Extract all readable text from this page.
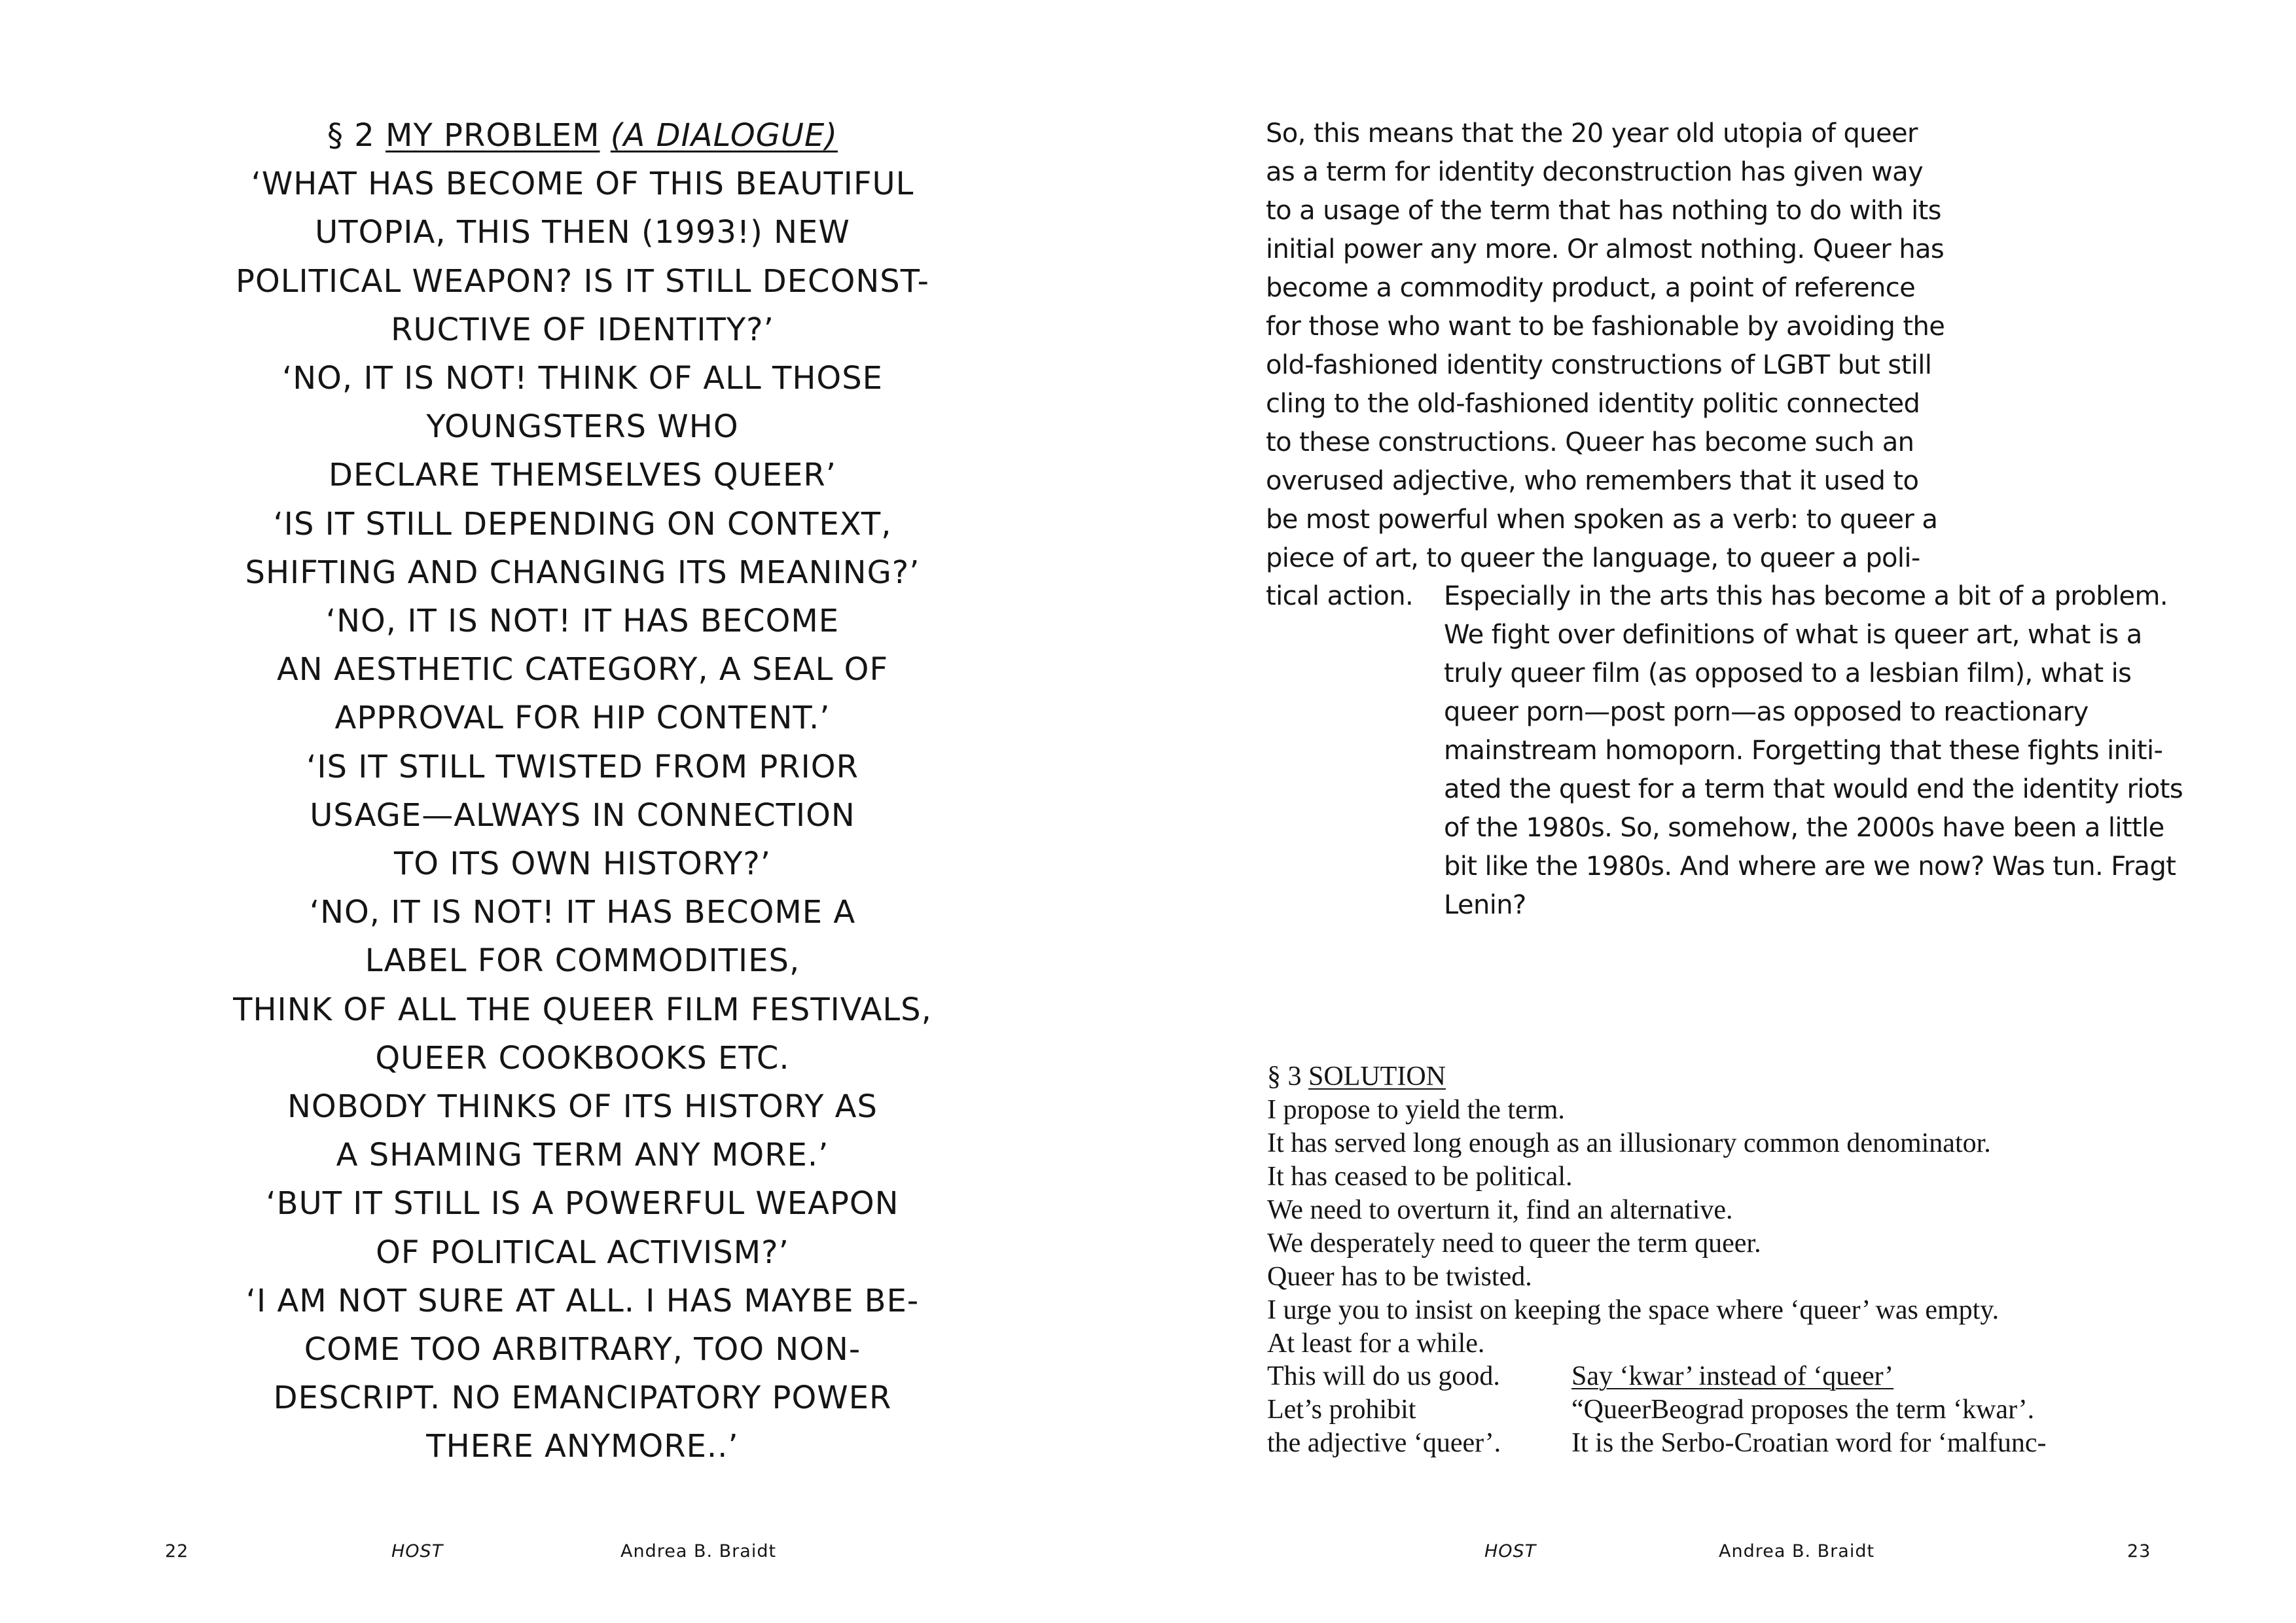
§ 2 MY PROBLEM (A DIALOGUE)
‘WHAT HAS BECOME OF THIS BEAUTIFUL
UTOPIA, THIS THEN (1993!) NEW
POLITICAL WEAPON? IS IT STILL DECONST-
RUCTIVE OF IDENTITY?’
‘NO, IT IS NOT! THINK OF ALL THOSE
YOUNGSTERS WHO
DECLARE THEMSELVES QUEER’
‘IS IT STILL DEPENDING ON CONTEXT,
SHIFTING AND CHANGING ITS MEANING?’
‘NO, IT IS NOT! IT HAS BECOME
AN AESTHETIC CATEGORY, A SEAL OF
APPROVAL FOR HIP CONTENT.’
‘IS IT STILL TWISTED FROM PRIOR
USAGE—ALWAYS IN CONNECTION
TO ITS OWN HISTORY?’
‘NO, IT IS NOT! IT HAS BECOME A
LABEL FOR COMMODITIES,
THINK OF ALL THE QUEER FILM FESTIVALS,
QUEER COOKBOOKS ETC.
NOBODY THINKS OF ITS HISTORY AS
A SHAMING TERM ANY MORE.’
‘BUT IT STILL IS A POWERFUL WEAPON
OF POLITICAL ACTIVISM?’
‘I AM NOT SURE AT ALL. I HAS MAYBE BE-
COME TOO ARBITRARY, TOO NON-
DESCRIPT. NO EMANCIPATORY POWER
THERE ANYMORE..’
22	HOST	Andrea B. Braidt
So, this means that the 20 year old utopia of queer
as a term for identity deconstruction has given way
to a usage of the term that has nothing to do with its
initial power any more. Or almost nothing. Queer has
become a commodity product, a point of reference
for those who want to be fashionable by avoiding the
old-fashioned identity constructions of LGBT but still
cling to the old-fashioned identity politic connected
to these constructions. Queer has become such an
overused adjective, who remembers that it used to
be most powerful when spoken as a verb: to queer a
piece of art, to queer the language, to queer a poli-
tical action. Especially in the arts this has become a bit of a problem.
We fight over definitions of what is queer art, what is a
truly queer film (as opposed to a lesbian film), what is
queer porn—post porn—as opposed to reactionary
mainstream homoporn. Forgetting that these fights initi-
ated the quest for a term that would end the identity riots
of the 1980s. So, somehow, the 2000s have been a little
bit like the 1980s. And where are we now? Was tun. Fragt
Lenin?
§ 3 SOLUTION
I propose to yield the term.
It has served long enough as an illusionary common denominator.
It has ceased to be political.
We need to overturn it, find an alternative.
We desperately need to queer the term queer.
Queer has to be twisted.
I urge you to insist on keeping the space where ‘queer’ was empty.
At least for a while.
This will do us good.
Let’s prohibit
the adjective ‘queer’.
Say ‘kwar’ instead of ‘queer’
“QueerBeograd proposes the term ‘kwar’.
It is the Serbo-Croatian word for ‘malfunc-
HOST	Andrea B. Braidt	23
